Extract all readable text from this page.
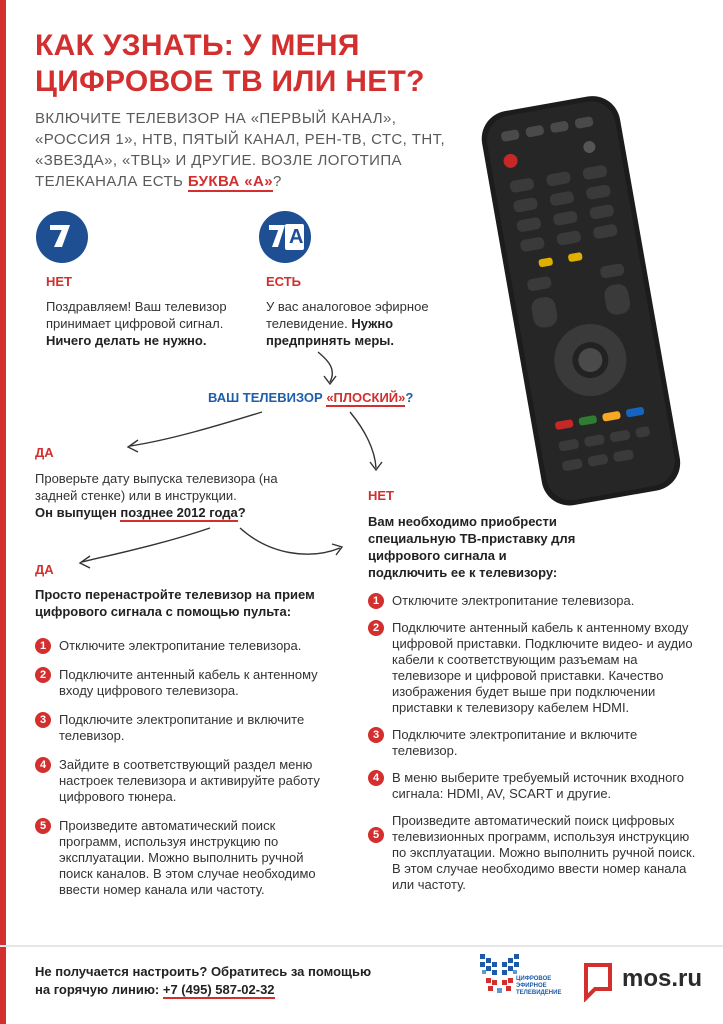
КАК УЗНАТЬ: У МЕНЯ
ЦИФРОВОЕ ТВ ИЛИ НЕТ?
ВКЛЮЧИТЕ ТЕЛЕВИЗОР НА «ПЕРВЫЙ КАНАЛ», «РОССИЯ 1», НТВ, ПЯТЫЙ КАНАЛ, РЕН-ТВ, СТС, ТНТ, «ЗВЕЗДА», «ТВЦ» И ДРУГИЕ. ВОЗЛЕ ЛОГОТИПА ТЕЛЕКАНАЛА ЕСТЬ БУКВА «А»?
НЕТ
Поздравляем! Ваш телевизор принимает цифровой сигнал. Ничего делать не нужно.
А
ЕСТЬ
У вас аналоговое эфирное телевидение. Нужно предпринять меры.
ВАШ ТЕЛЕВИЗОР «ПЛОСКИЙ»?
ДА
Проверьте дату выпуска телевизора (на задней стенке) или в инструкции.
Он выпущен позднее 2012 года?
НЕТ
Вам необходимо приобрести специальную ТВ-приставку для цифрового сигнала и подключить ее к телевизору:
1 Отключите электропитание телевизора.
2 Подключите антенный кабель к антенному входу цифровой приставки. Подключите видео- и аудио кабели к соответствующим разъемам на телевизоре и цифровой приставки. Качество изображения будет выше при подключении приставки к телевизору кабелем HDMI.
3 Подключите электропитание и включите телевизор.
4 В меню выберите требуемый источник входного сигнала: HDMI, AV, SCART и другие.
5
Произведите автоматический поиск цифровых телевизионных программ, используя инструкцию по эксплуатации. Можно выполнить ручной поиск. В этом случае необходимо ввести номер канала или частоту.
ДА
Просто перенастройте телевизор на прием цифрового сигнала с помощью пульта:
1 Отключите электропитание телевизора.
2 Подключите антенный кабель к антенному входу цифрового телевизора.
3 Подключите электропитание и включите телевизор.
4 Зайдите в соответствующий раздел меню настроек телевизора и активируйте работу цифрового тюнера.
5 Произведите автоматический поиск программ, используя инструкцию по эксплуатации. Можно выполнить ручной поиск каналов. В этом случае необходимо ввести номер канала или частоту.
Не получается настроить? Обратитесь за помощью
на горячую линию: +7 (495) 587-02-32
ЦИФРОВОЕ
ЭФИРНОЕ
ТЕЛЕВИДЕНИЕ
mos.ru
